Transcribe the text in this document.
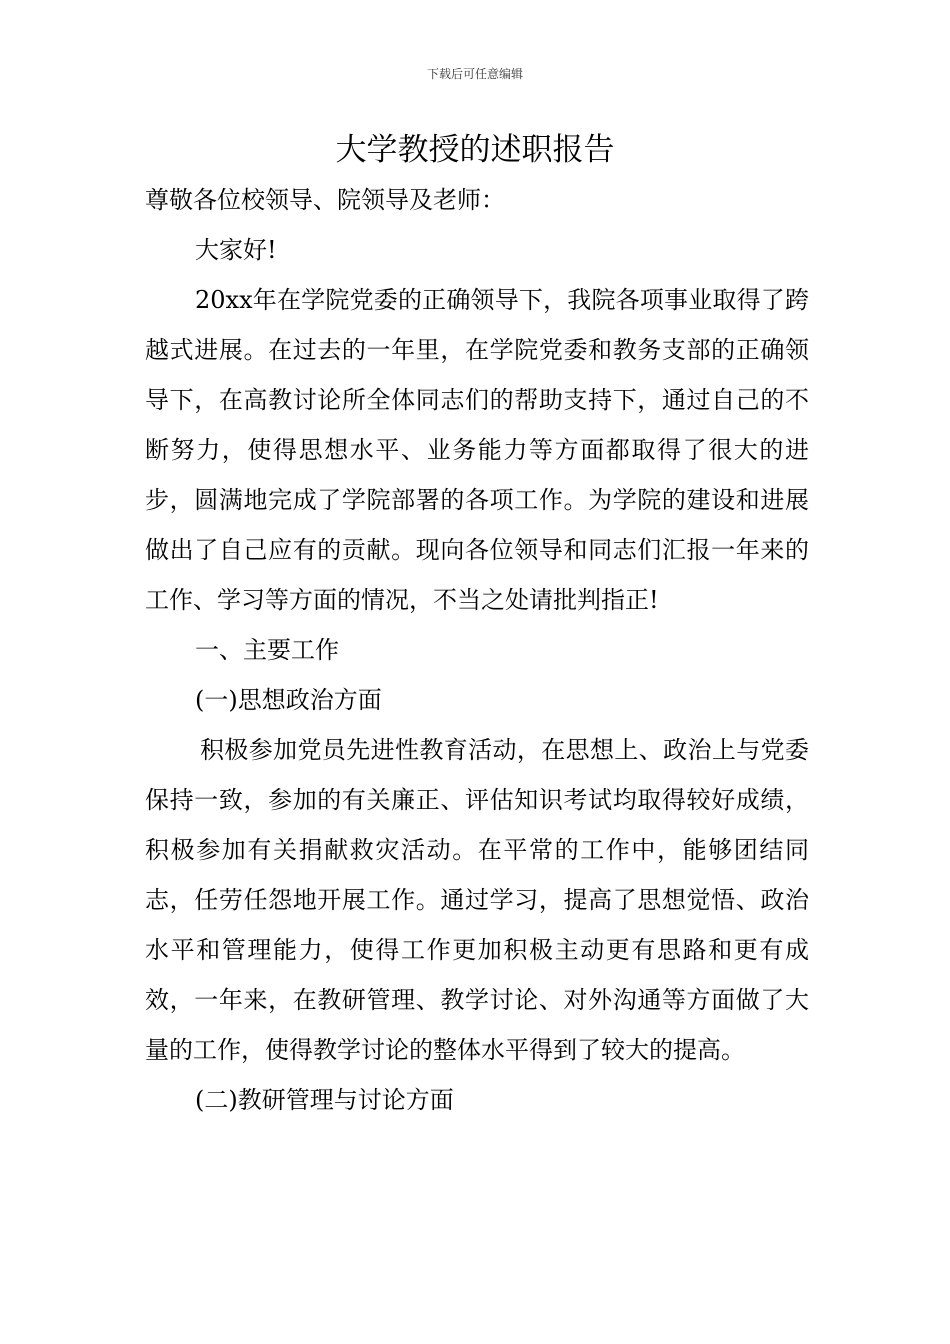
下载后可任意编辑
大学教授的述职报告

尊敬各位校领导、院领导及老师：

大家好!

20xx年在学院党委的正确领导下，我院各项事业取得了跨越式进展。在过去的一年里，在学院党委和教务支部的正确领导下，在高教讨论所全体同志们的帮助支持下，通过自己的不断努力，使得思想水平、业务能力等方面都取得了很大的进步，圆满地完成了学院部署的各项工作。为学院的建设和进展做出了自己应有的贡献。现向各位领导和同志们汇报一年来的工作、学习等方面的情况，不当之处请批判指正!

一、主要工作

(一)思想政治方面

积极参加党员先进性教育活动，在思想上、政治上与党委保持一致，参加的有关廉正、评估知识考试均取得较好成绩，积极参加有关捐献救灾活动。在平常的工作中，能够团结同志，任劳任怨地开展工作。通过学习，提高了思想觉悟、政治水平和管理能力，使得工作更加积极主动更有思路和更有成效，一年来，在教研管理、教学讨论、对外沟通等方面做了大量的工作，使得教学讨论的整体水平得到了较大的提高。

(二)教研管理与讨论方面
